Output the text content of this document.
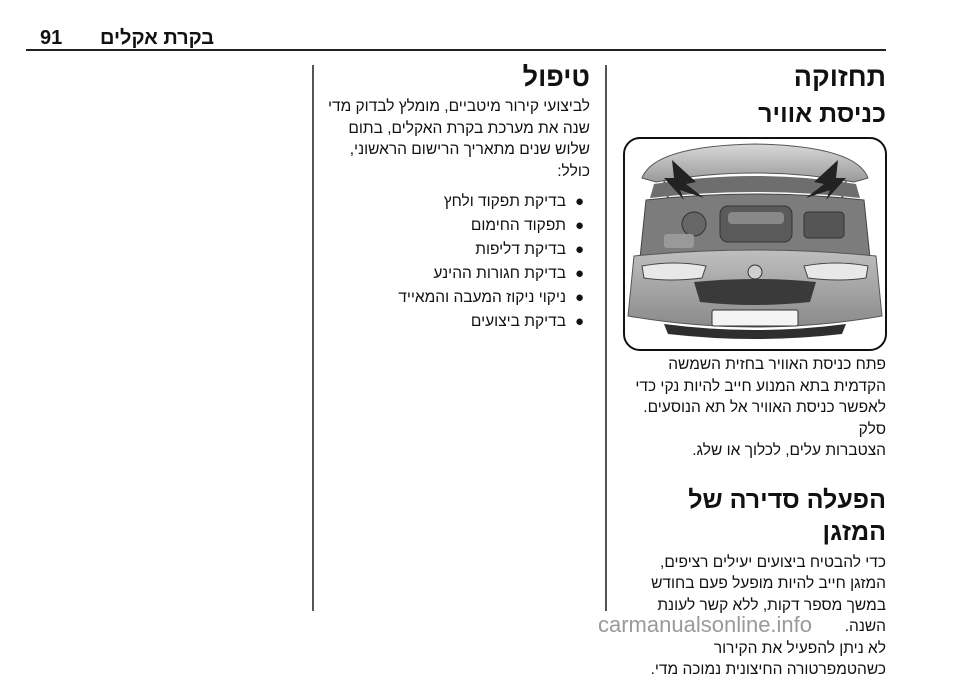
91 בקרת אקלים
תחזוקה
כניסת אוויר
פתח כניסת האוויר בחזית השמשה
הקדמית בתא המנוע חייב להיות נקי כדי
לאפשר כניסת האוויר אל תא הנוסעים. סלק
הצטברות עלים, לכלוך או שלג.
הפעלה סדירה של המזגן
כדי להבטיח ביצועים יעילים רציפים,
המזגן חייב להיות מופעל פעם בחודש
במשך מספר דקות, ללא קשר לעונת השנה.
לא ניתן להפעיל את הקירור
כשהטמפרטורה החיצונית נמוכה מדי.
טיפול
לביצועי קירור מיטביים, מומלץ לבדוק מדי
שנה את מערכת בקרת האקלים, בתום
שלוש שנים מתאריך הרישום הראשוני,
כולל:
●
בדיקת תפקוד ולחץ
●
תפקוד החימום
●
בדיקת דליפות
●
בדיקת חגורות ההינע
●
ניקוי ניקוז המעבה והמאייד
●
בדיקת ביצועים
carmanualsonline.info
